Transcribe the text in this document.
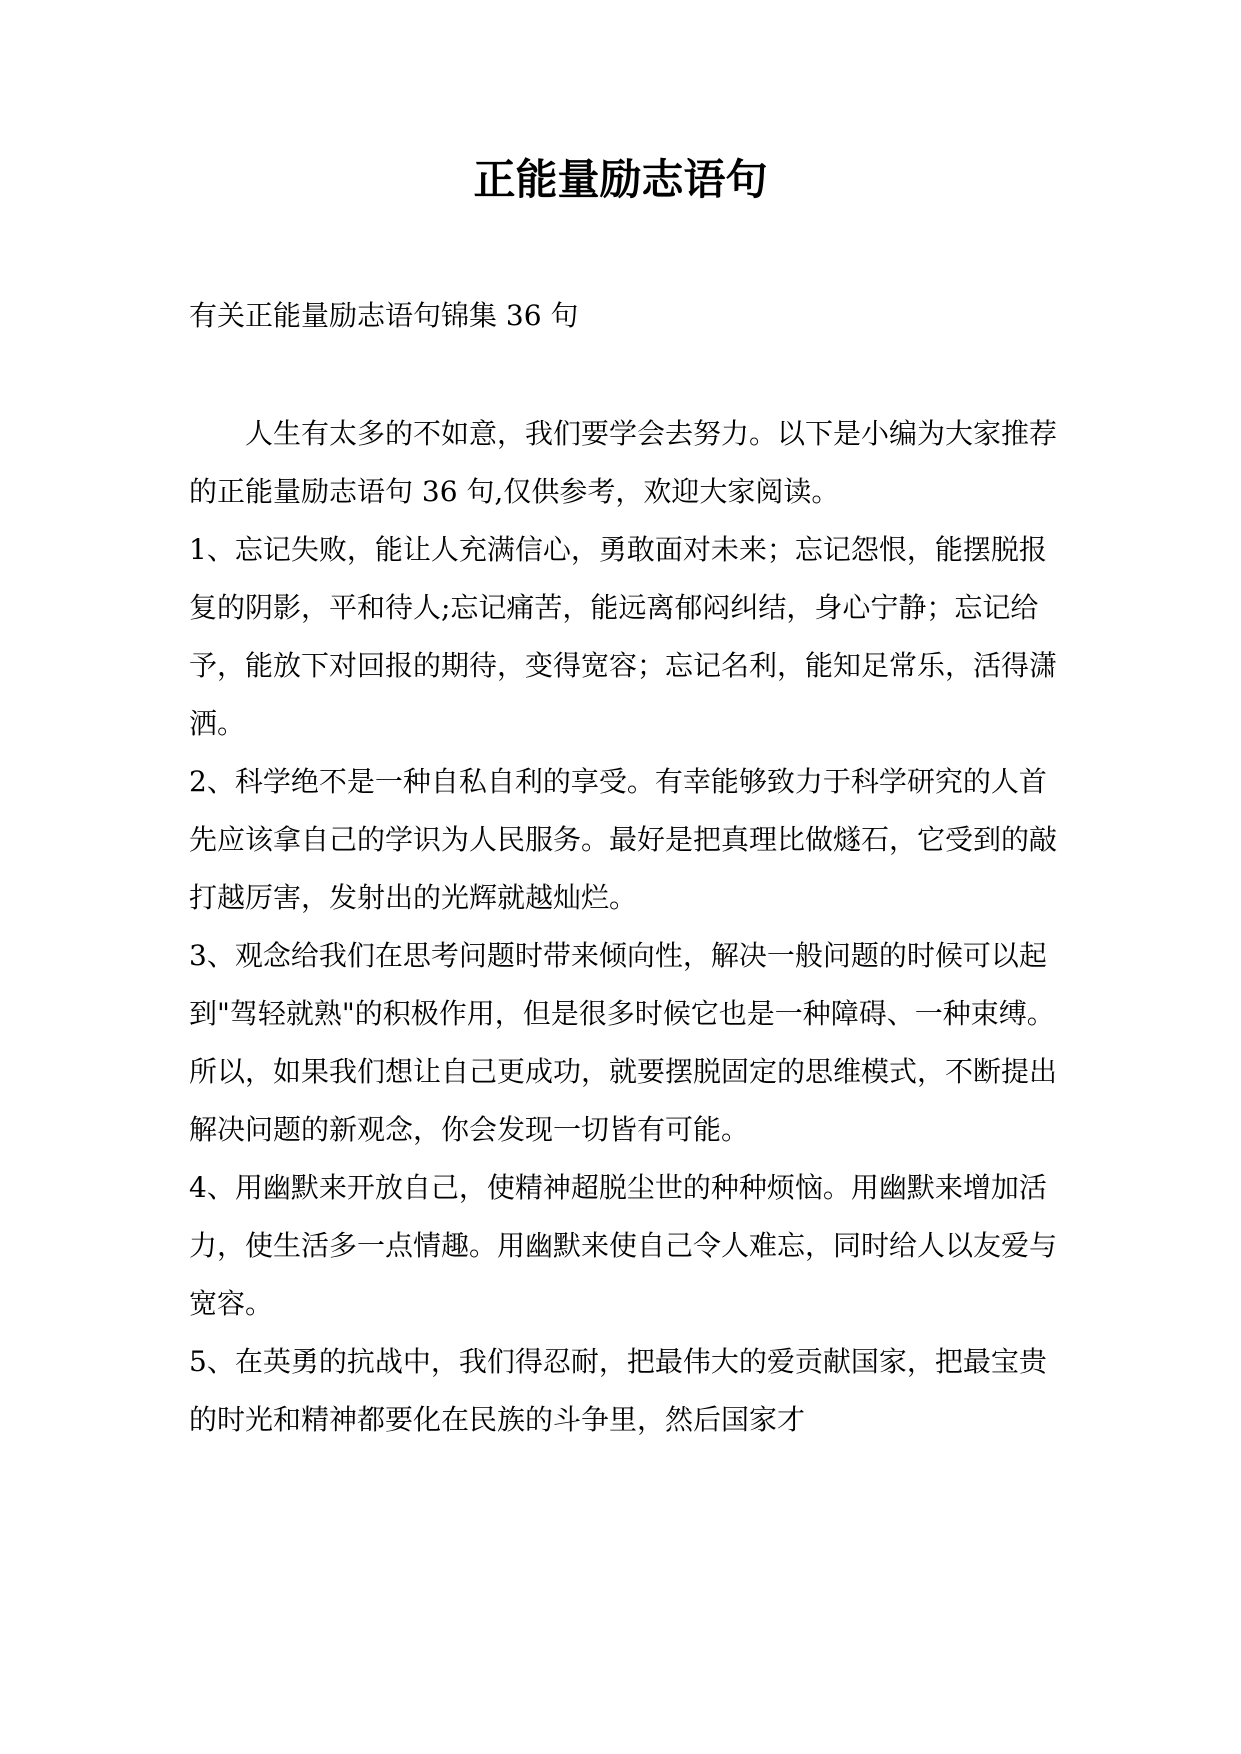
正能量励志语句

有关正能量励志语句锦集 36 句

人生有太多的不如意，我们要学会去努力。以下是小编为大家推荐的正能量励志语句 36 句,仅供参考，欢迎大家阅读。

1、忘记失败，能让人充满信心，勇敢面对未来；忘记怨恨，能摆脱报复的阴影，平和待人;忘记痛苦，能远离郁闷纠结，身心宁静；忘记给予，能放下对回报的期待，变得宽容；忘记名利，能知足常乐，活得潇洒。

2、科学绝不是一种自私自利的享受。有幸能够致力于科学研究的人首先应该拿自己的学识为人民服务。最好是把真理比做燧石，它受到的敲打越厉害，发射出的光辉就越灿烂。

3、观念给我们在思考问题时带来倾向性，解决一般问题的时候可以起到"驾轻就熟"的积极作用，但是很多时候它也是一种障碍、一种束缚。所以，如果我们想让自己更成功，就要摆脱固定的思维模式，不断提出解决问题的新观念，你会发现一切皆有可能。

4、用幽默来开放自己，使精神超脱尘世的种种烦恼。用幽默来增加活力，使生活多一点情趣。用幽默来使自己令人难忘，同时给人以友爱与宽容。

5、在英勇的抗战中，我们得忍耐，把最伟大的爱贡献国家，把最宝贵的时光和精神都要化在民族的斗争里，然后国家才
